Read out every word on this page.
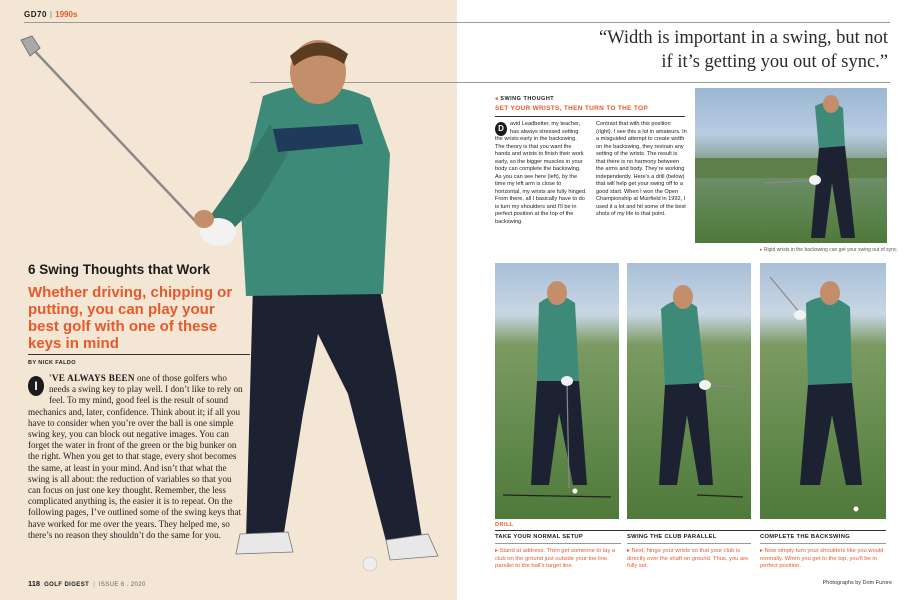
GD70 | 1990s
6 Swing Thoughts that Work
Whether driving, chipping or putting, you can play your best golf with one of these keys in mind
BY NICK FALDO
I
'VE ALWAYS BEEN one of those golfers who needs a swing key to play well. I don’t like to rely on feel. To my mind, good feel is the result of sound mechanics and, later, confidence. Think about it; if all you have to consider when you’re over the ball is one simple swing key, you can block out negative images. You can forget the water in front of the green or the big bunker on the right. When you get to that stage, every shot becomes the same, at least in your mind. And isn’t that what the swing is all about: the reduction of variables so that you can focus on just one key thought. Remember, the less complicated anything is, the easier it is to repeat. On the following pages, I’ve outlined some of the swing keys that have worked for me over the years. They helped me, so there’s no reason they shouldn’t do the same for you.
118 GOLF DIGEST | ISSUE 6 . 2020
“Width is important in a swing, but not if it’s getting you out of sync.”
◂ SWING THOUGHT
SET YOUR WRISTS, THEN TURN TO THE TOP
D	avid Leadbetter, my teacher, has always stressed setting the wrists early in the backswing. The theory is that you want the hands and wrists to finish their work early, so the bigger muscles in your body can complete the backswing. As you can see here (left), by the time my left arm is close to horizontal, my wrists are fully hinged. From there, all I basically have to do is turn my shoulders and I’ll be in perfect position at the top of the backswing.
Contrast that with this position (right). I see this a lot in amateurs. In a misguided attempt to create width on the backswing, they restrain any setting of the wrists. The result is that there is no harmony between the arms and body. They’re working independently. Here’s a drill (below) that will help get your swing off to a good start. When I won the Open Championship at Muirfield in 1992, I used it a lot and hit some of the best shots of my life to that point.
▸ Rigid wrists in the backswing can get your swing out of sync.
DRILL
TAKE YOUR NORMAL SETUP
▸ Stand at address. Then get someone to lay a club on the ground just outside your toe line, parallel to the ball’s target line.
SWING THE CLUB PARALLEL
▸ Next, hinge your wrists so that your club is directly over the shaft on ground. Thus, you are fully set.
COMPLETE THE BACKSWING
▸ Now simply turn your shoulders like you would normally. When you get to the top, you’ll be in perfect position.
Photographs by Dom Furore
